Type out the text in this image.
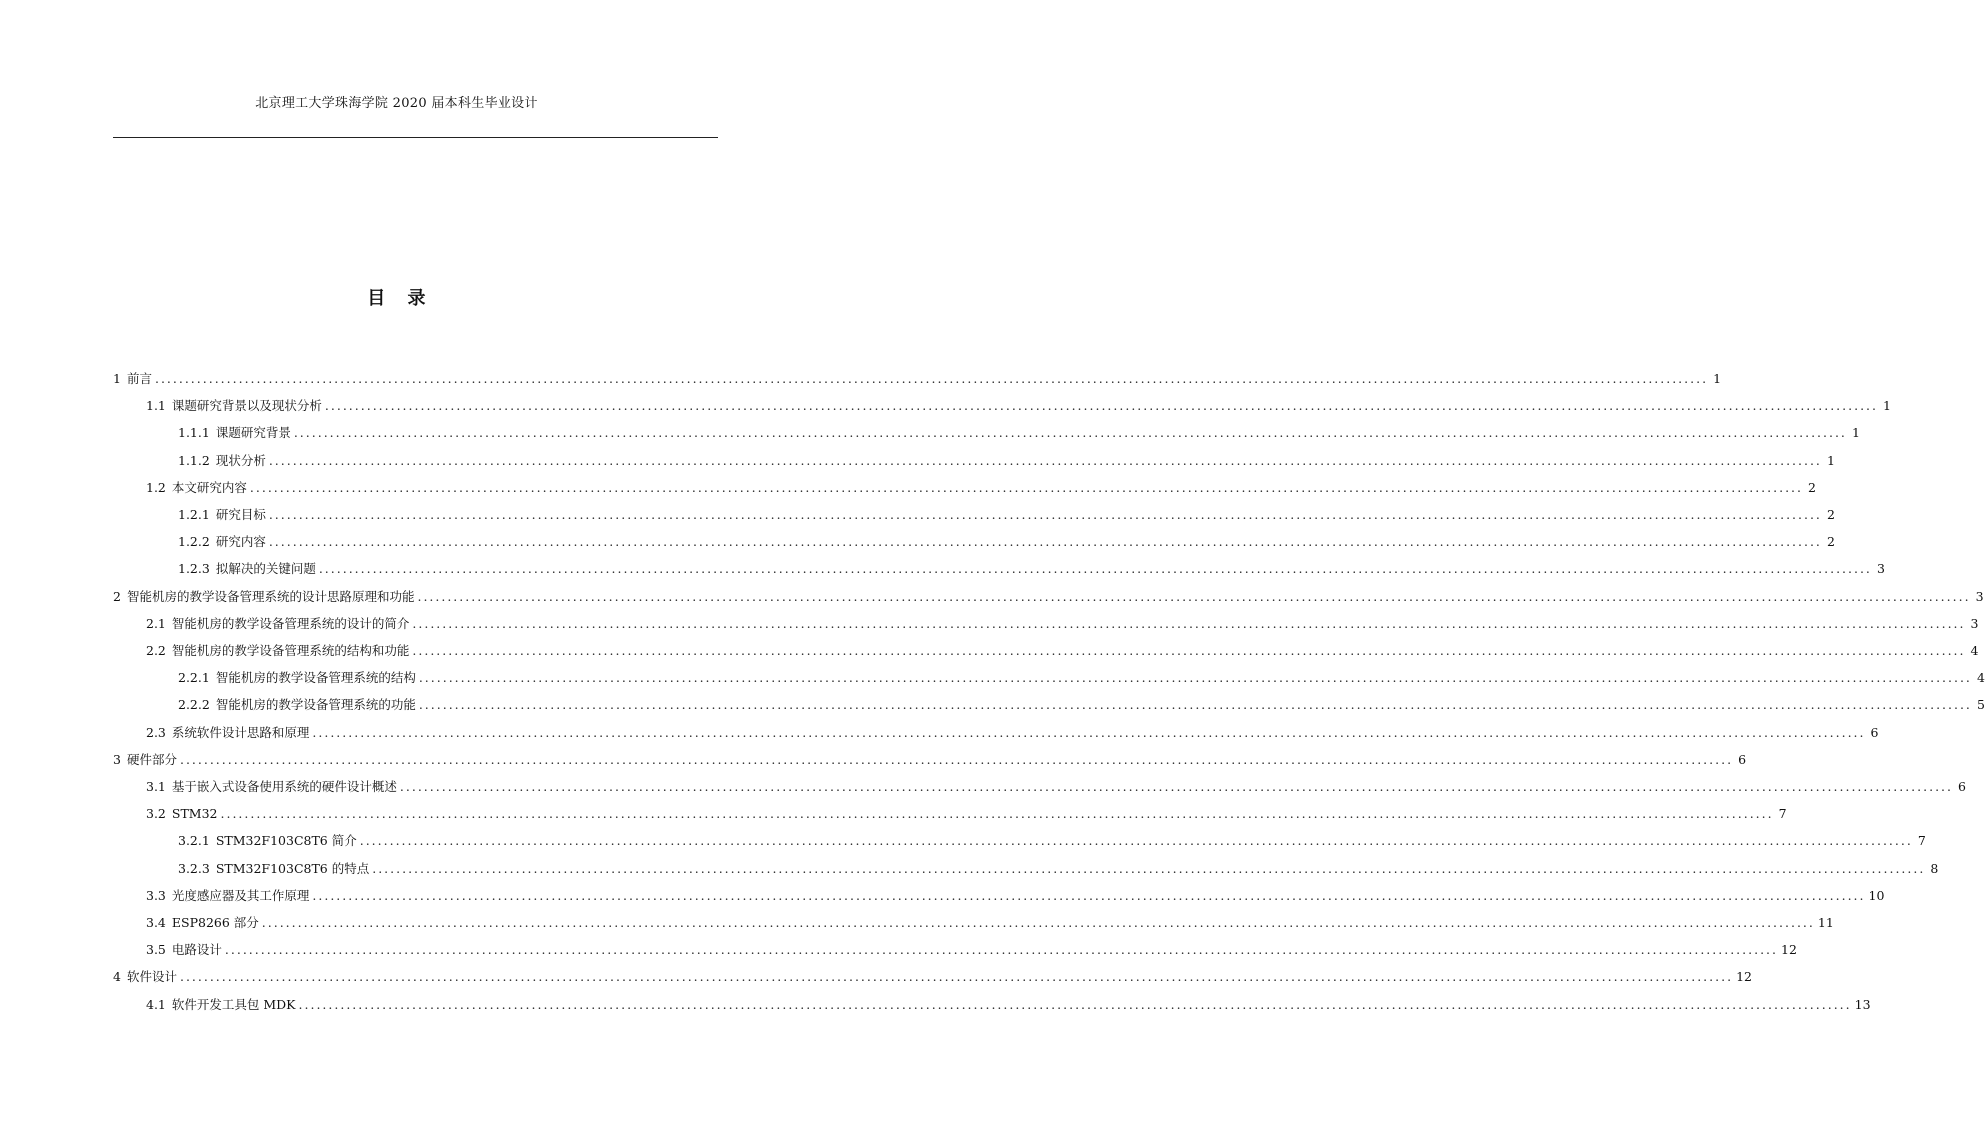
北京理工大学珠海学院 2020 届本科生毕业设计
目 录
1 前言 .................................................................................................................................................................................................................................................................... 1
1.1 课题研究背景以及现状分析 .................................................................................................................................................................................................................................................................... 1
1.1.1 课题研究背景 .................................................................................................................................................................................................................................................................... 1
1.1.2 现状分析 .................................................................................................................................................................................................................................................................... 1
1.2 本文研究内容 .................................................................................................................................................................................................................................................................... 2
1.2.1 研究目标 .................................................................................................................................................................................................................................................................... 2
1.2.2 研究内容 .................................................................................................................................................................................................................................................................... 2
1.2.3 拟解决的关键问题 .................................................................................................................................................................................................................................................................... 3
2 智能机房的教学设备管理系统的设计思路原理和功能 .................................................................................................................................................................................................................................................................... 3
2.1 智能机房的教学设备管理系统的设计的简介 .................................................................................................................................................................................................................................................................... 3
2.2 智能机房的教学设备管理系统的结构和功能 .................................................................................................................................................................................................................................................................... 4
2.2.1 智能机房的教学设备管理系统的结构 .................................................................................................................................................................................................................................................................... 4
2.2.2 智能机房的教学设备管理系统的功能 .................................................................................................................................................................................................................................................................... 5
2.3 系统软件设计思路和原理 .................................................................................................................................................................................................................................................................... 6
3 硬件部分 .................................................................................................................................................................................................................................................................... 6
3.1 基于嵌入式设备使用系统的硬件设计概述 .................................................................................................................................................................................................................................................................... 6
3.2 STM32 .................................................................................................................................................................................................................................................................... 7
3.2.1 STM32F103C8T6 简介 .................................................................................................................................................................................................................................................................... 7
3.2.3 STM32F103C8T6 的特点 .................................................................................................................................................................................................................................................................... 8
3.3 光度感应器及其工作原理 .................................................................................................................................................................................................................................................................... 10
3.4 ESP8266 部分 .................................................................................................................................................................................................................................................................... 11
3.5 电路设计 .................................................................................................................................................................................................................................................................... 12
4 软件设计 .................................................................................................................................................................................................................................................................... 12
4.1 软件开发工具包 MDK .................................................................................................................................................................................................................................................................... 13
